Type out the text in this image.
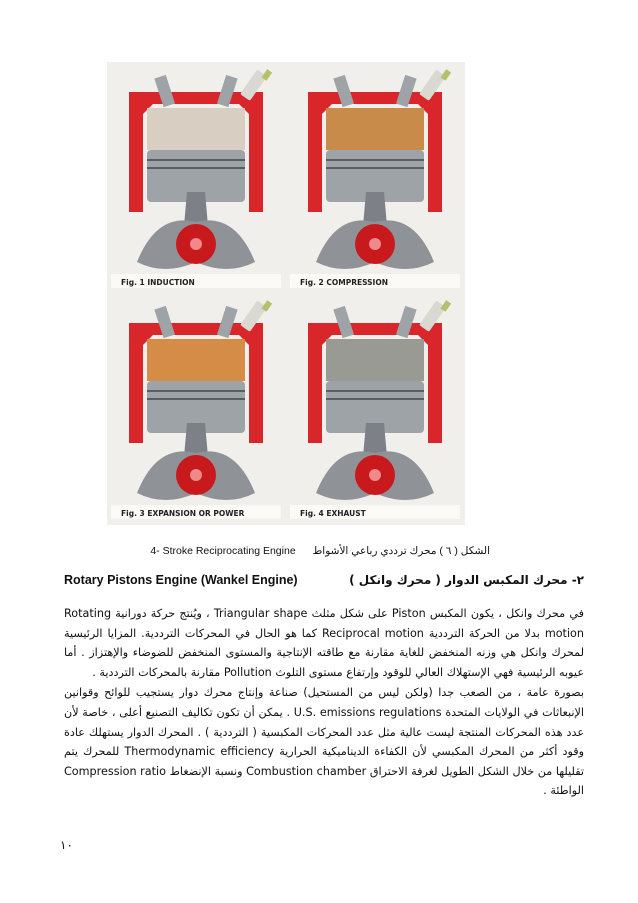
Fig. 1 INDUCTION	Fig. 2 COMPRESSION
Fig. 3 EXPANSION OR POWER	Fig. 4 EXHAUST
الشكل ( ٦ ) محرك ترددي رباعي الأشواط 4- Stroke Reciprocating Engine
Rotary Pistons Engine (Wankel Engine)	٢- محرك المكبس الدوار ( محرك وانكل )

في محرك وانكل ، يكون المكبس Piston على شكل مثلث Triangular shape ، ويُنتج حركة دورانية Rotating motion بدلا من الحركة الترددية Reciprocal motion كما هو الحال في المحركات الترددية. المزايا الرئيسية لمحرك وانكل هي وزنه المنخفض للغاية مقارنة مع طاقته الإنتاجية والمستوى المنخفض للضوضاء والإهتزاز . أما عيوبه الرئيسية فهي الإستهلاك العالي للوقود وإرتفاع مستوى التلوث Pollution مقارنة بالمحركات الترددية .

بصورة عامة ، من الصعب جدا (ولكن ليس من المستحيل) صناعة وإنتاج محرك دوار يستجيب للوائح وقوانين الإنبعاثات في الولايات المتحدة U.S. emissions regulations . يمكن أن تكون تكاليف التصنيع أعلى ، خاصة لأن عدد هذه المحركات المنتجة ليست عالية مثل عدد المحركات المكبسية ( الترددية ) . المحرك الدوار يستهلك عادة وقود أكثر من المحرك المكبسي لأن الكفاءة الديناميكية الحرارية Thermodynamic efficiency للمحرك يتم تقليلها من خلال الشكل الطويل لغرفة الاحتراق Combustion chamber ونسبة الإنضغاط Compression ratio الواطئة .

١٠
